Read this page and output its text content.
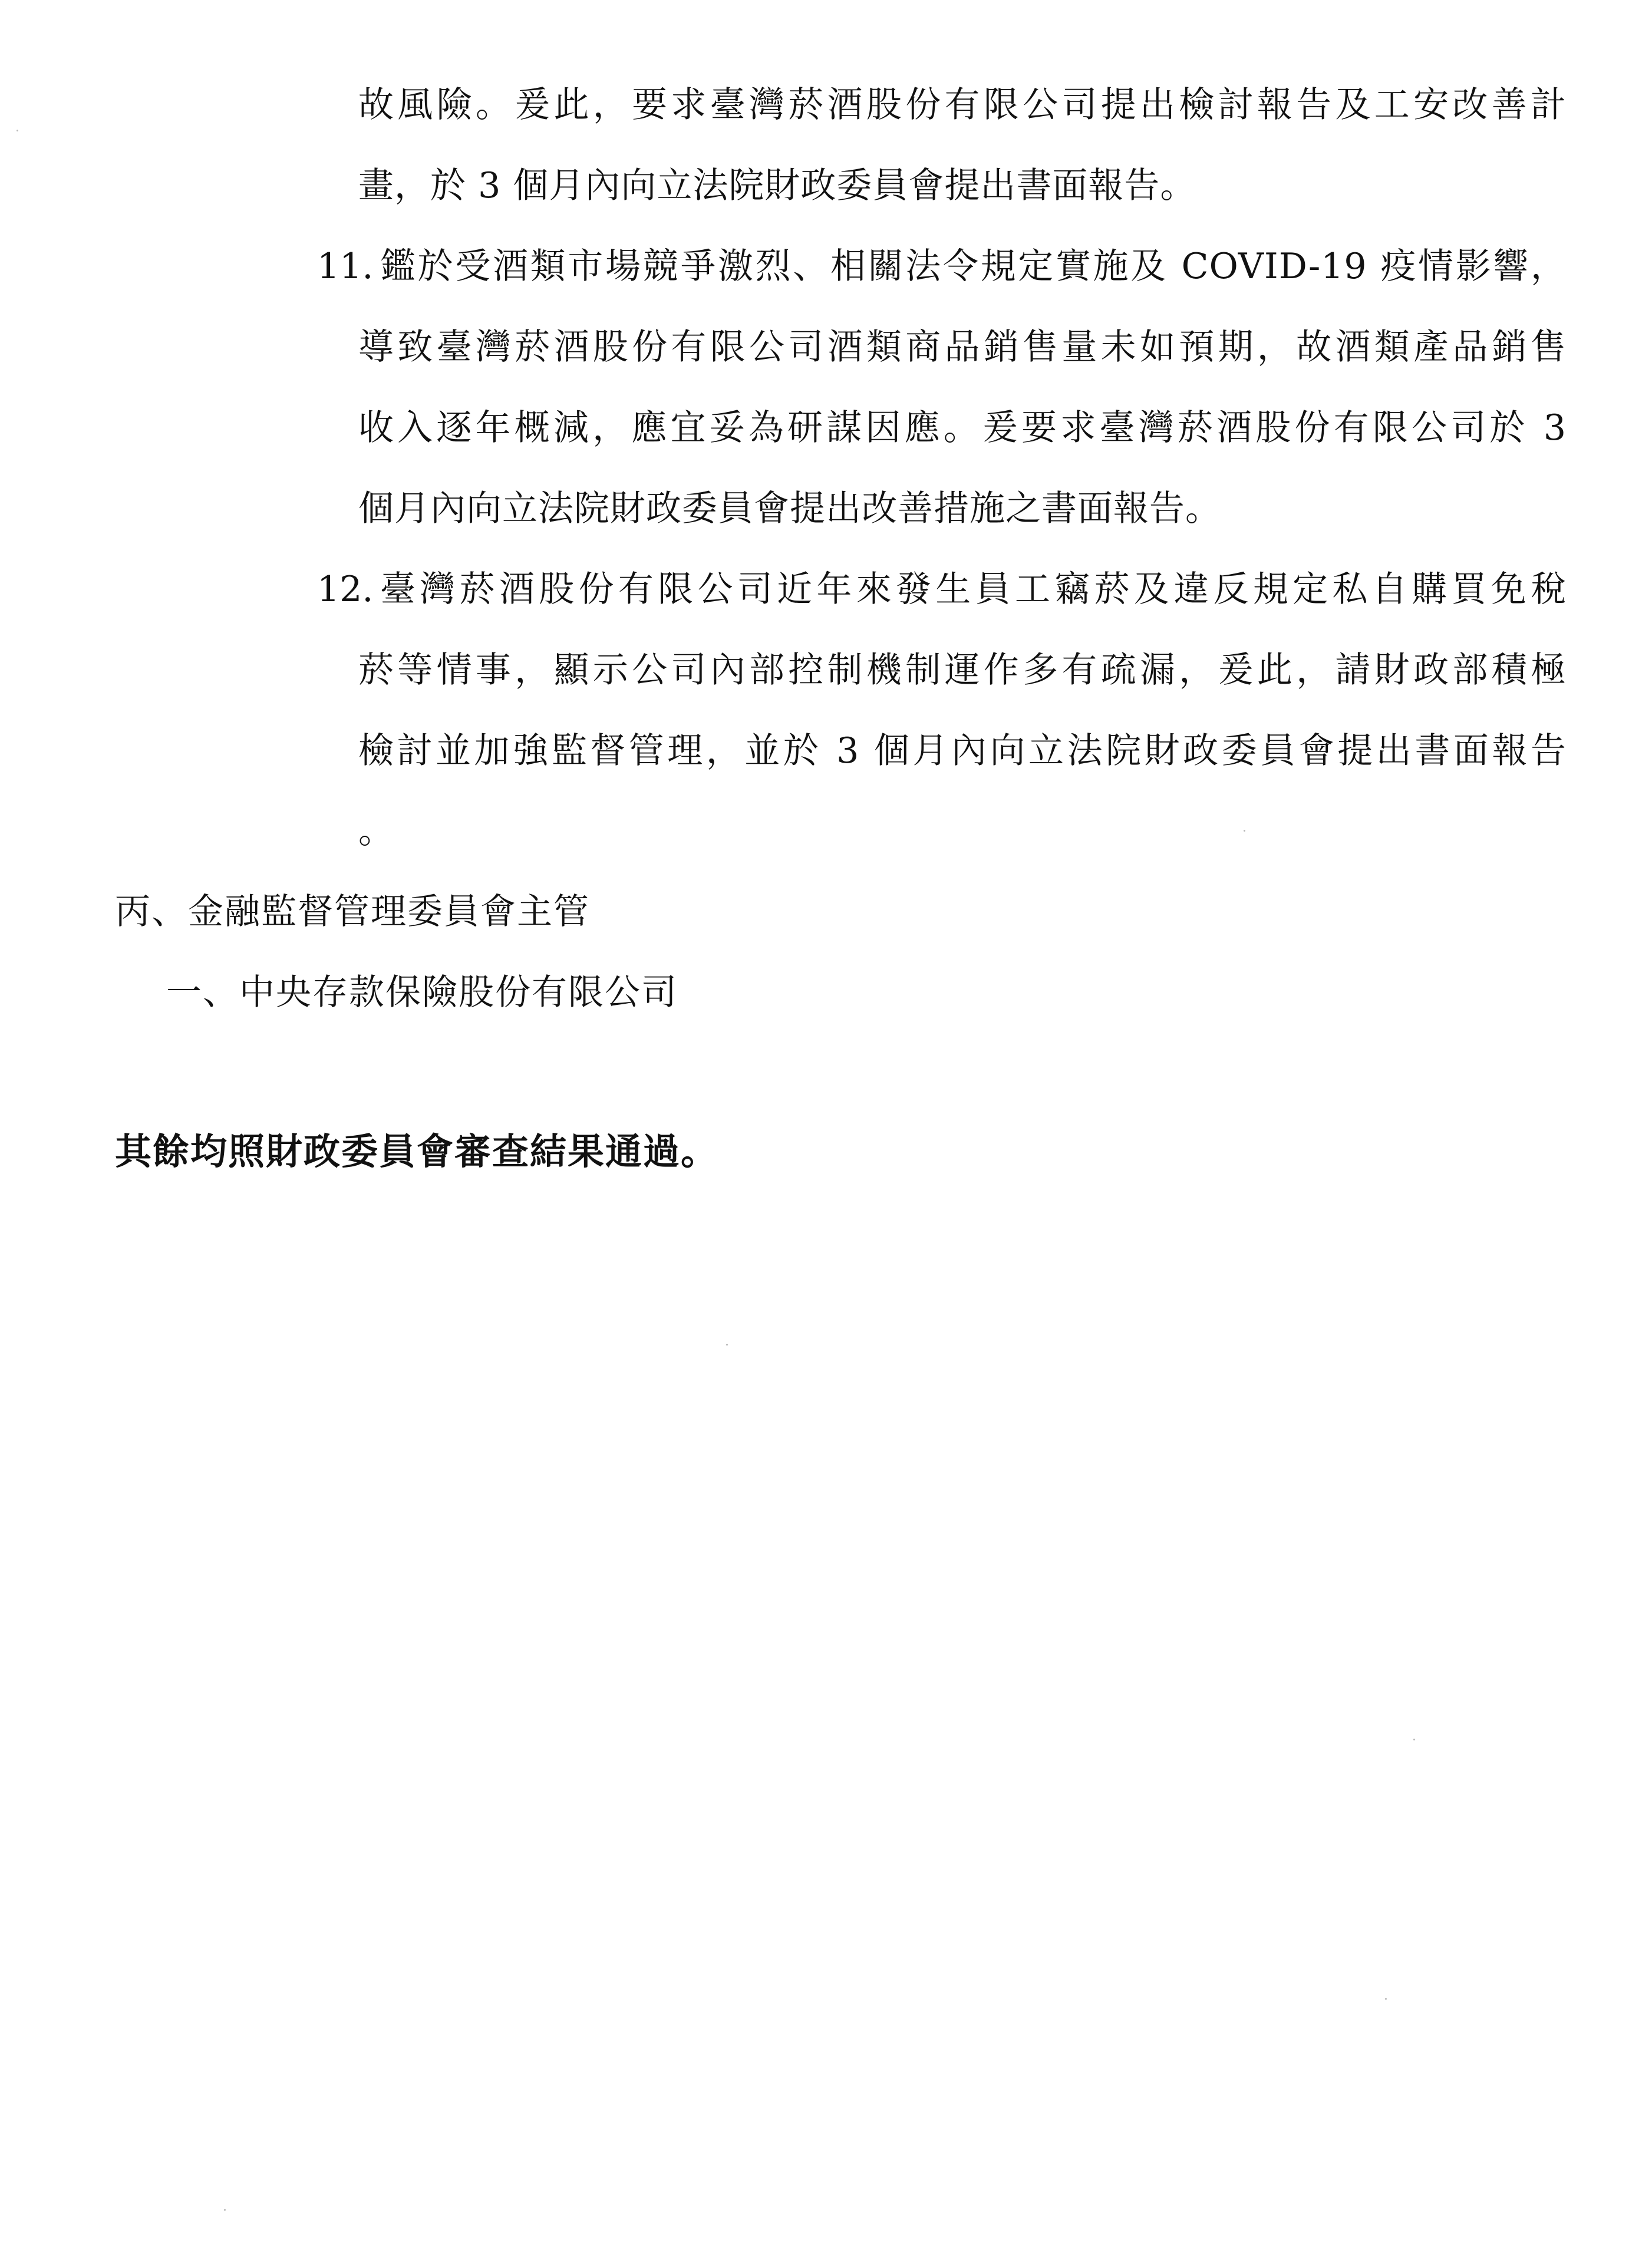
故風險。爰此，要求臺灣菸酒股份有限公司提出檢討報告及工安改善計
畫，於 3 個月內向立法院財政委員會提出書面報告。
11. 鑑於受酒類市場競爭激烈、相關法令規定實施及 COVID-19 疫情影響，
導致臺灣菸酒股份有限公司酒類商品銷售量未如預期，故酒類產品銷售
收入逐年概減，應宜妥為研謀因應。爰要求臺灣菸酒股份有限公司於 3
個月內向立法院財政委員會提出改善措施之書面報告。
12. 臺灣菸酒股份有限公司近年來發生員工竊菸及違反規定私自購買免稅
菸等情事，顯示公司內部控制機制運作多有疏漏，爰此，請財政部積極
檢討並加強監督管理，並於 3 個月內向立法院財政委員會提出書面報告
。
丙、金融監督管理委員會主管
一、中央存款保險股份有限公司
其餘均照財政委員會審查結果通過。
